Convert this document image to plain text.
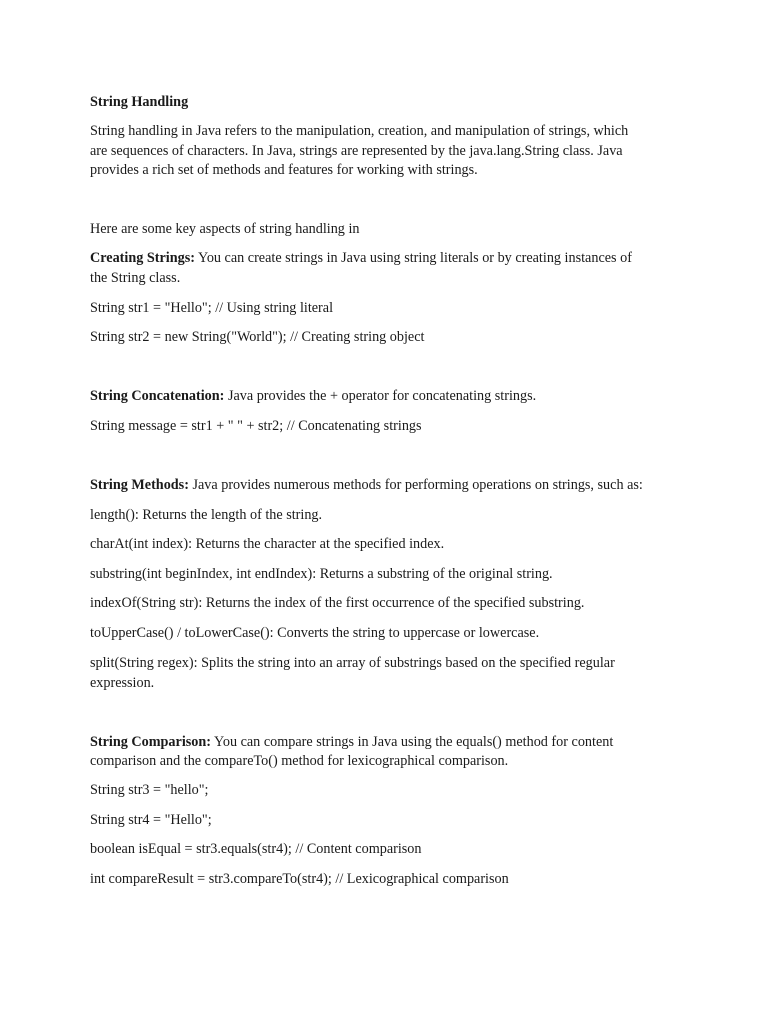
String Handling
String handling in Java refers to the manipulation, creation, and manipulation of strings, which
are sequences of characters. In Java, strings are represented by the java.lang.String class. Java
provides a rich set of methods and features for working with strings.
Here are some key aspects of string handling in
Creating Strings: You can create strings in Java using string literals or by creating instances of
the String class.
String str1 = "Hello"; // Using string literal
String str2 = new String("World"); // Creating string object
String Concatenation: Java provides the + operator for concatenating strings.
String message = str1 + " " + str2; // Concatenating strings
String Methods: Java provides numerous methods for performing operations on strings, such as:
length(): Returns the length of the string.
charAt(int index): Returns the character at the specified index.
substring(int beginIndex, int endIndex): Returns a substring of the original string.
indexOf(String str): Returns the index of the first occurrence of the specified substring.
toUpperCase() / toLowerCase(): Converts the string to uppercase or lowercase.
split(String regex): Splits the string into an array of substrings based on the specified regular
expression.
String Comparison: You can compare strings in Java using the equals() method for content
comparison and the compareTo() method for lexicographical comparison.
String str3 = "hello";
String str4 = "Hello";
boolean isEqual = str3.equals(str4); // Content comparison
int compareResult = str3.compareTo(str4); // Lexicographical comparison
